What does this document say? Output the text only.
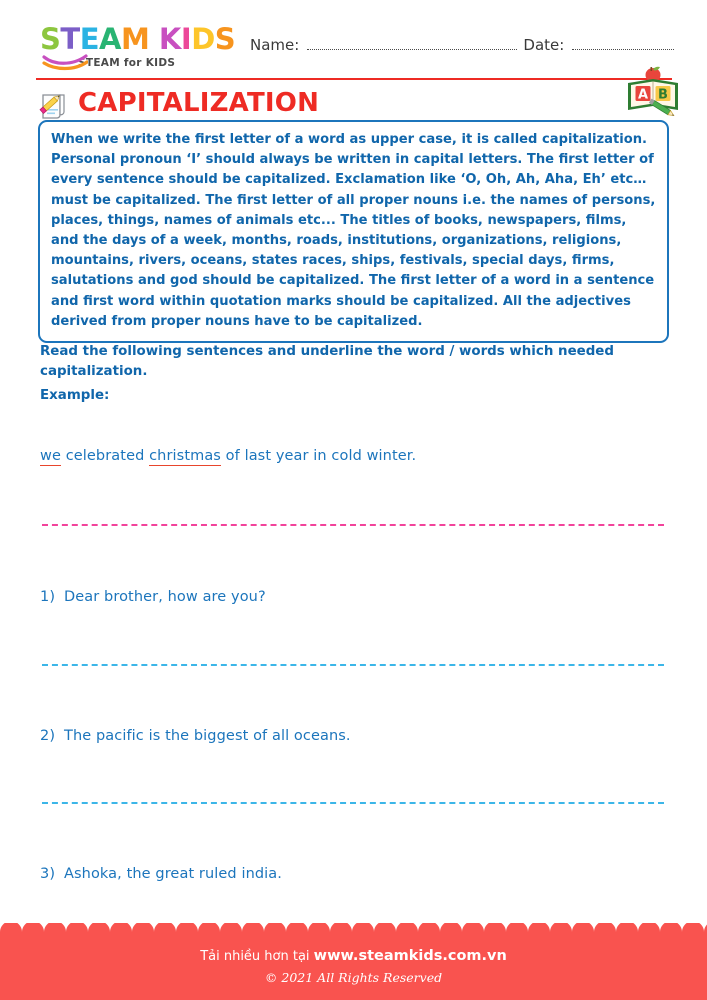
STEAM KIDS
STEAM for KIDS
Name:	Date:
CAPITALIZATION	A B

When we write the first letter of a word as upper case, it is called capitalization. Personal pronoun ‘I’ should always be written in capital letters. The first letter of every sentence should be capitalized. Exclamation like ‘O, Oh, Ah, Aha, Eh’ etc… must be capitalized. The first letter of all proper nouns i.e. the names of persons, places, things, names of animals etc... The titles of books, newspapers, films, and the days of a week, months, roads, institutions, organizations, religions, mountains, rivers, oceans, states races, ships, festivals, special days, firms, salutations and god should be capitalized. The first letter of a word in a sentence and first word within quotation marks should be capitalized. All the adjectives derived from proper nouns have to be capitalized.

Read the following sentences and underline the word / words which needed capitalization.
Example:
we celebrated christmas of last year in cold winter.
1) Dear brother, how are you?
2) The pacific is the biggest of all oceans.
3) Ashoka, the great ruled india.
Tải nhiều hơn tại www.steamkids.com.vn
© 2021 All Rights Reserved
